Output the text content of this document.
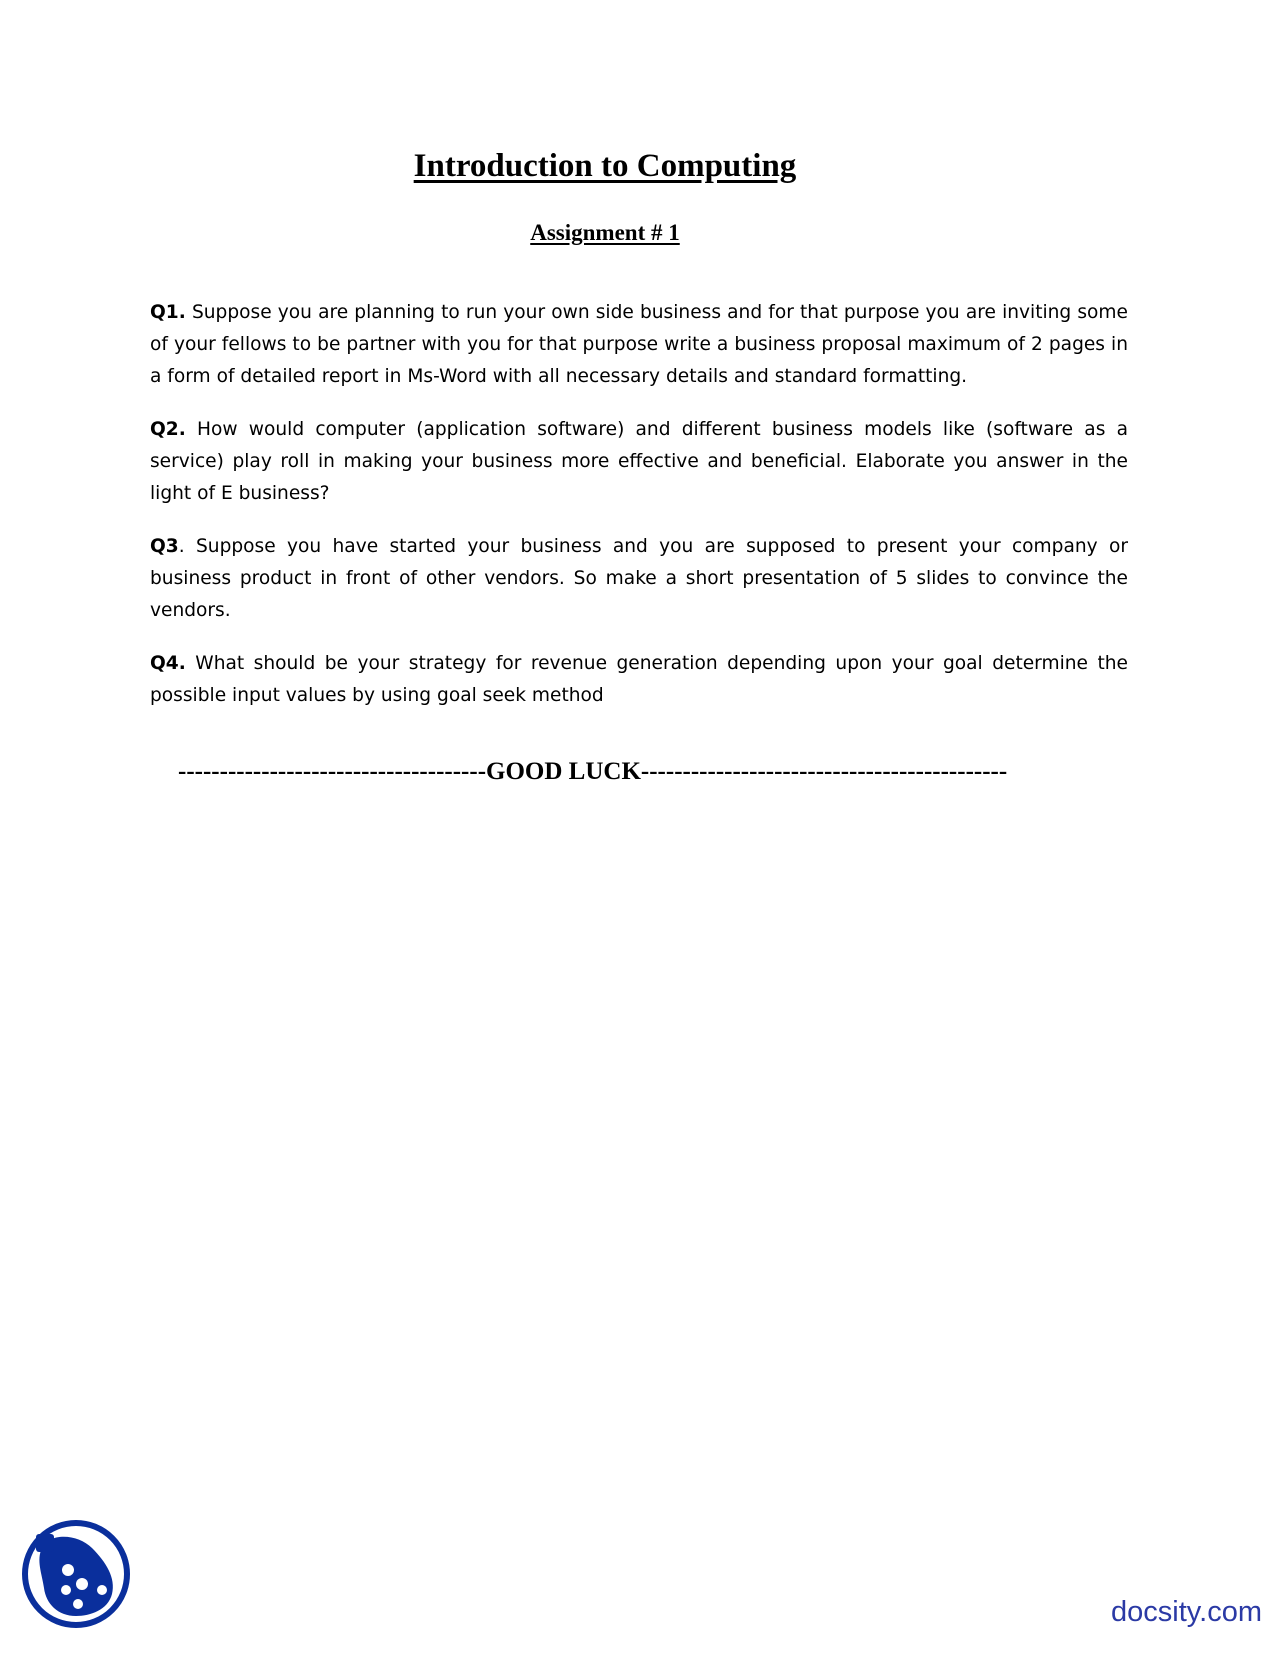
Introduction to Computing
Assignment # 1

Q1. Suppose you are planning to run your own side business and for that purpose you are inviting some of your fellows to be partner with you for that purpose write a business proposal maximum of 2 pages in a form of detailed report in Ms-Word with all necessary details and standard formatting.

Q2. How would computer (application software) and different business models like (software as a service) play roll in making your business more effective and beneficial. Elaborate you answer in the light of E business?

Q3. Suppose you have started your business and you are supposed to present your company or business product in front of other vendors. So make a short presentation of 5 slides to convince the vendors.

Q4. What should be your strategy for revenue generation depending upon your goal determine the possible input values by using goal seek method

-------------------------------------GOOD LUCK--------------------------------------------

docsity.com
